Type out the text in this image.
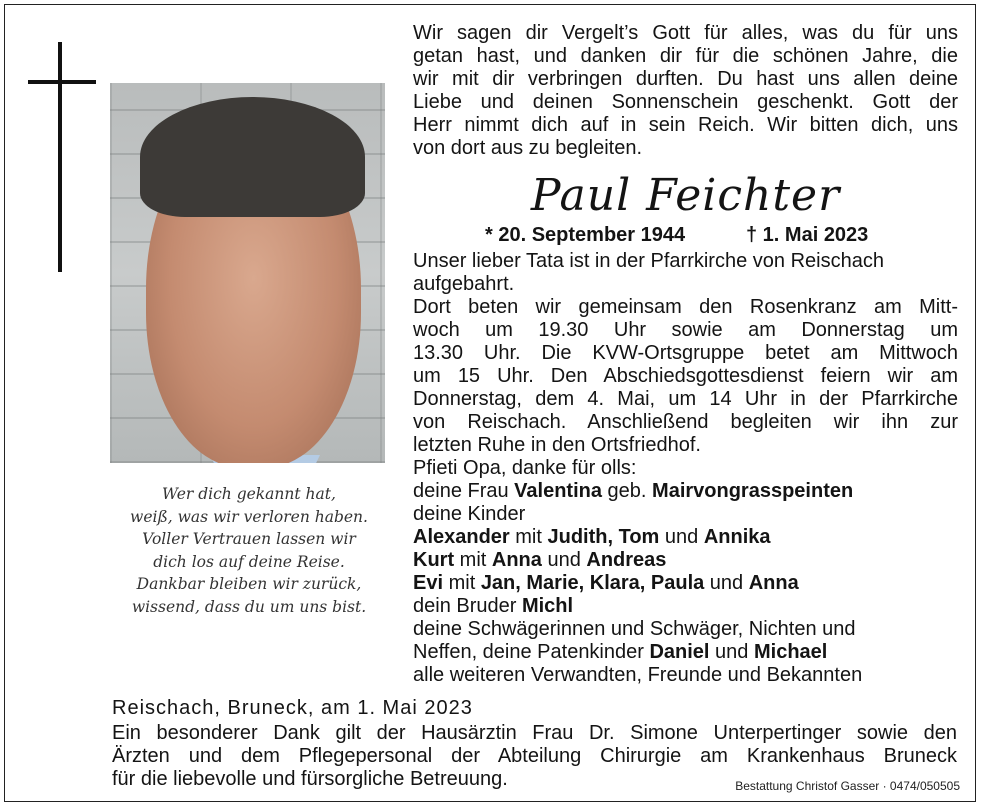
Wer dich gekannt hat,
weiß, was wir verloren haben.
Voller Vertrauen lassen wir
dich los auf deine Reise.
Dankbar bleiben wir zurück,
wissend, dass du um uns bist.
Wir sagen dir Vergelt’s Gott für alles, was du für uns
getan hast, und danken dir für die schönen Jahre, die
wir mit dir verbringen durften. Du hast uns allen deine
Liebe und deinen Sonnenschein geschenkt. Gott der
Herr nimmt dich auf in sein Reich. Wir bitten dich, uns
von dort aus zu begleiten.
Paul Feichter
* 20. September 1944	† 1. Mai 2023
Unser lieber Tata ist in der Pfarrkirche von Reischach
aufgebahrt.
Dort beten wir gemeinsam den Rosenkranz am Mitt-
woch um 19.30 Uhr sowie am Donnerstag um
13.30 Uhr. Die KVW-Ortsgruppe betet am Mittwoch
um 15 Uhr. Den Abschiedsgottesdienst feiern wir am
Donnerstag, dem 4. Mai, um 14 Uhr in der Pfarrkirche
von Reischach. Anschließend begleiten wir ihn zur
letzten Ruhe in den Ortsfriedhof.
Pfieti Opa, danke für olls:
deine Frau Valentina geb. Mairvongrasspeinten
deine Kinder
Alexander mit Judith, Tom und Annika
Kurt mit Anna und Andreas
Evi mit Jan, Marie, Klara, Paula und Anna
dein Bruder Michl
deine Schwägerinnen und Schwäger, Nichten und
Neffen, deine Patenkinder Daniel und Michael
alle weiteren Verwandten, Freunde und Bekannten
Reischach, Bruneck, am 1. Mai 2023
Ein besonderer Dank gilt der Hausärztin Frau Dr. Simone Unterpertinger sowie den
Ärzten und dem Pflegepersonal der Abteilung Chirurgie am Krankenhaus Bruneck
für die liebevolle und fürsorgliche Betreuung.	Bestattung Christof Gasser · 0474/050505
